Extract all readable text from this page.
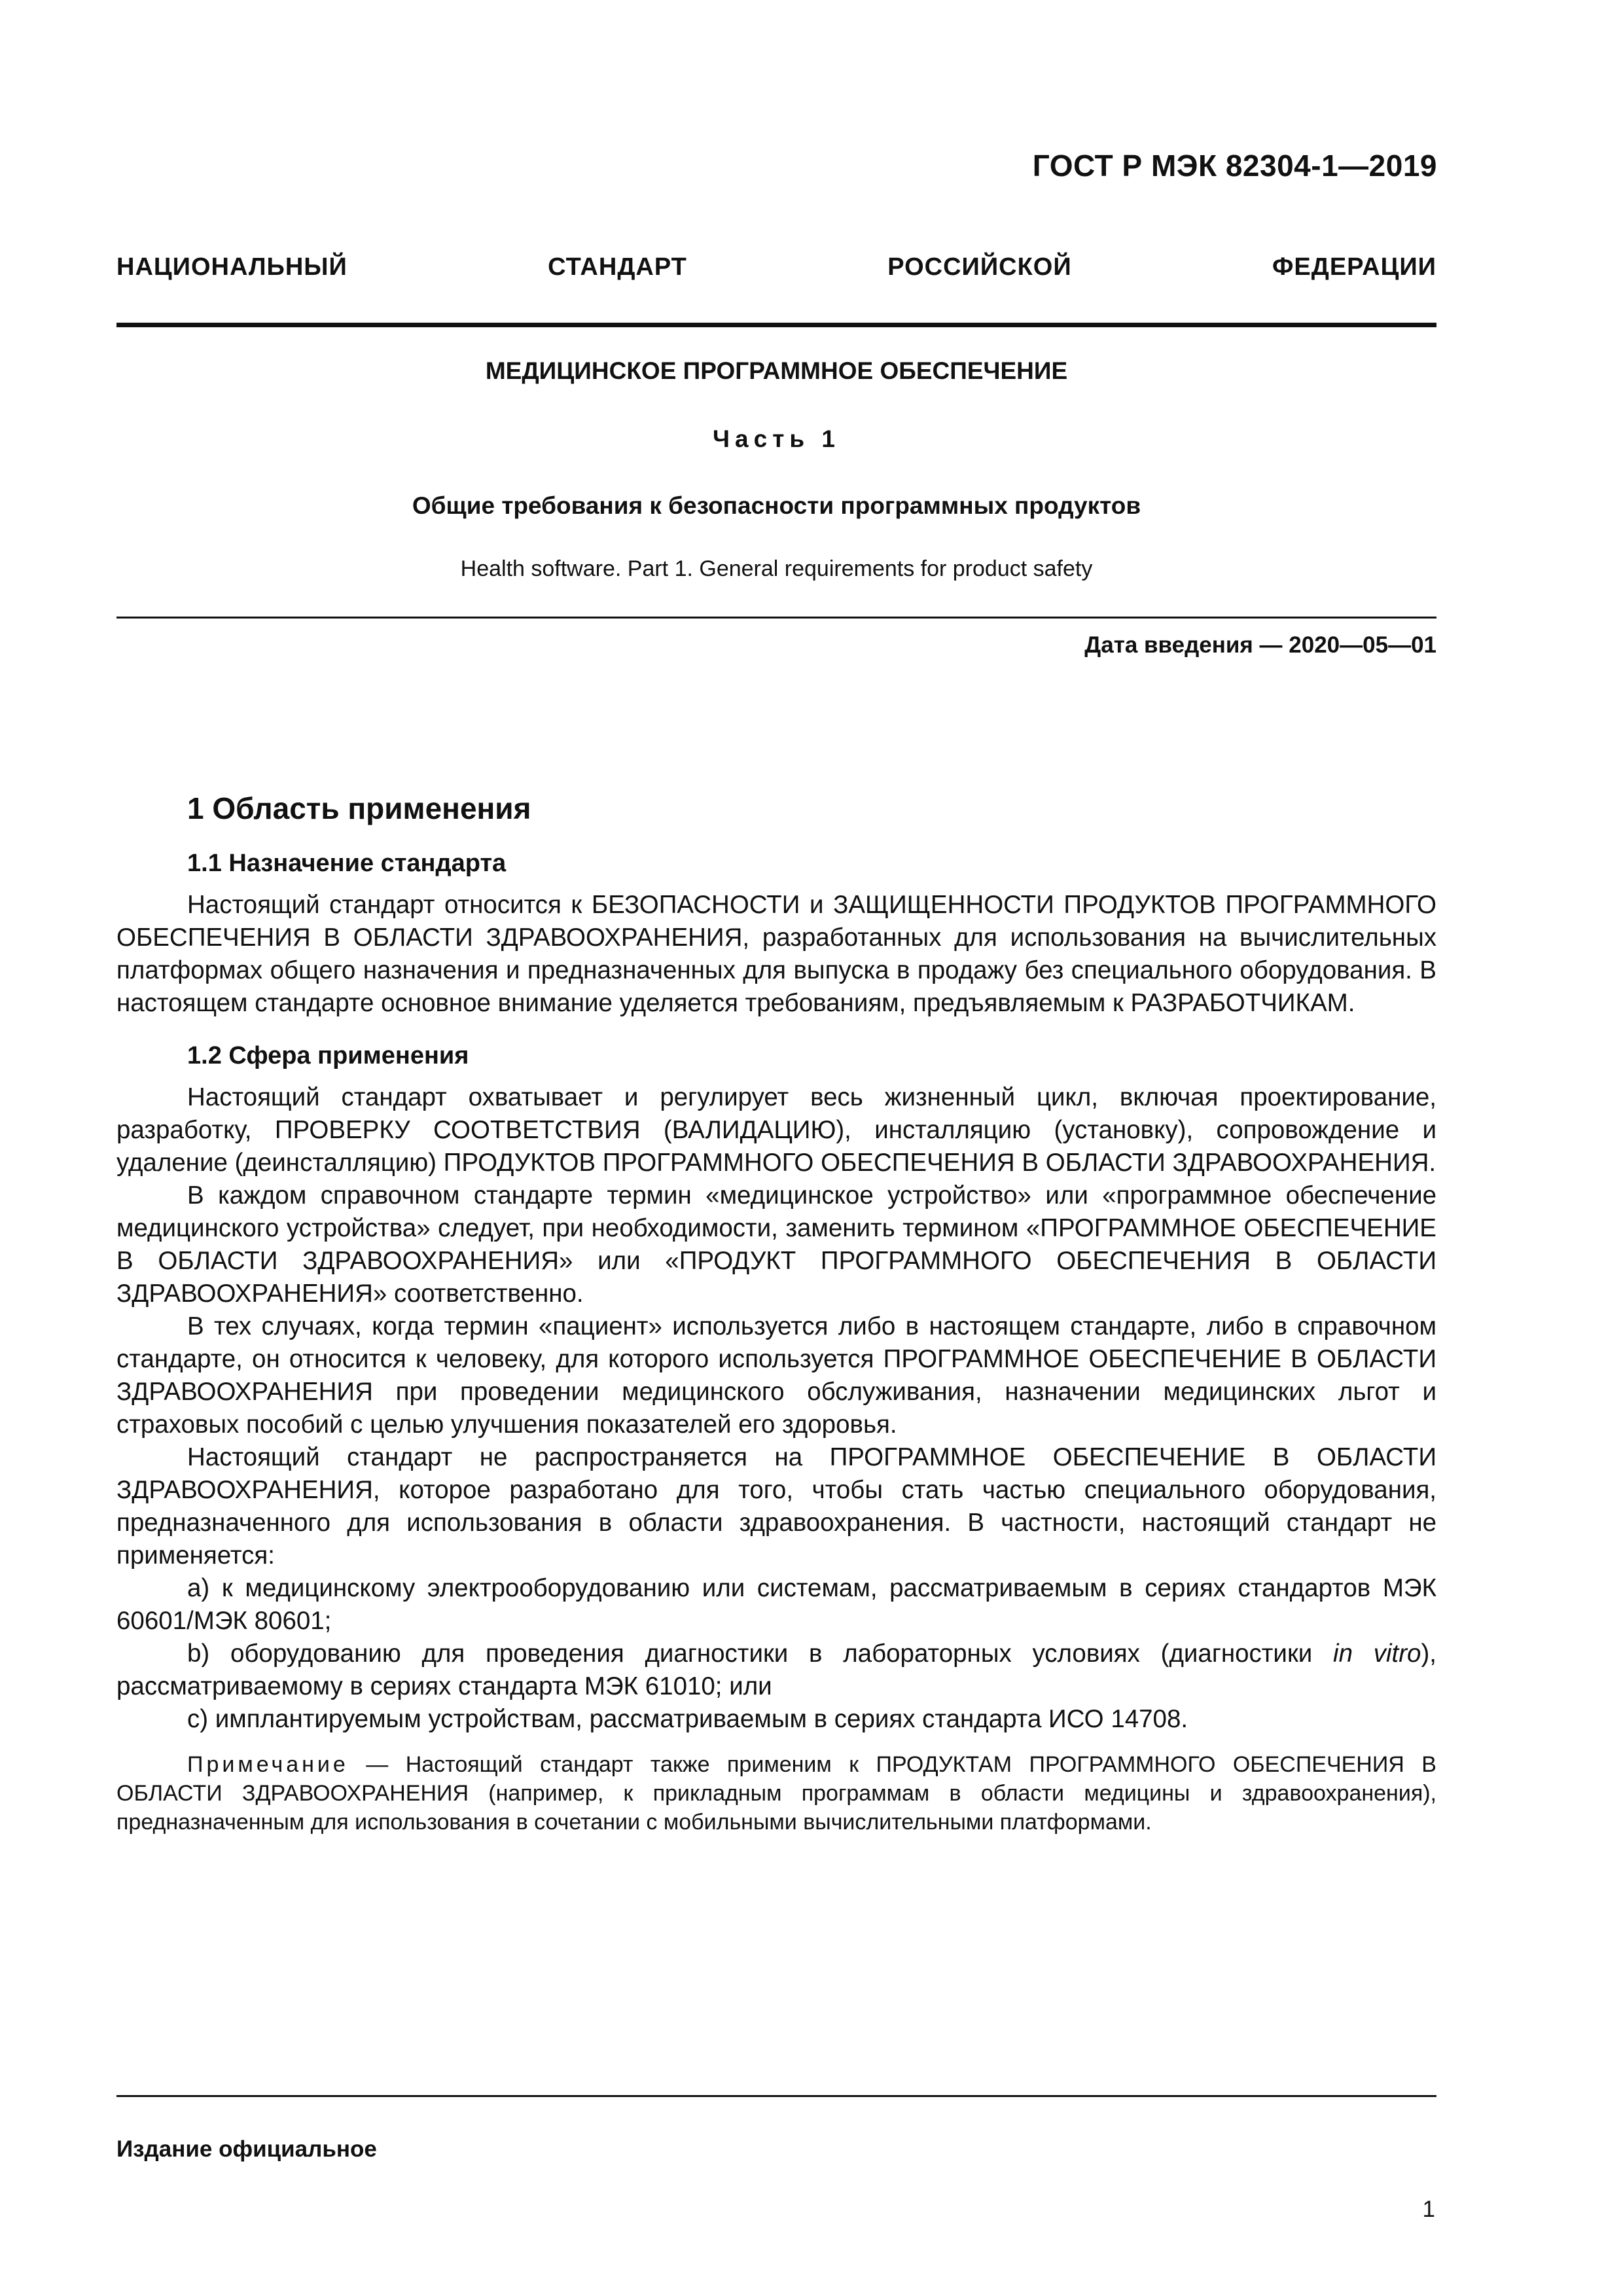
ГОСТ Р МЭК 82304-1—2019
НАЦИОНАЛЬНЫЙ СТАНДАРТ РОССИЙСКОЙ ФЕДЕРАЦИИ
МЕДИЦИНСКОЕ ПРОГРАММНОЕ ОБЕСПЕЧЕНИЕ
Часть 1
Общие требования к безопасности программных продуктов
Health software. Part 1. General requirements for product safety
Дата введения — 2020—05—01
1 Область применения
1.1 Назначение стандарта

Настоящий стандарт относится к БЕЗОПАСНОСТИ и ЗАЩИЩЕННОСТИ ПРОДУКТОВ ПРОГРАММНОГО ОБЕСПЕЧЕНИЯ В ОБЛАСТИ ЗДРАВООХРАНЕНИЯ, разработанных для использования на вычислительных платформах общего назначения и предназначенных для выпуска в продажу без специального оборудования. В настоящем стандарте основное внимание уделяется требованиям, предъявляемым к РАЗРАБОТЧИКАМ.

1.2 Сфера применения

Настоящий стандарт охватывает и регулирует весь жизненный цикл, включая проектирование, разработку, ПРОВЕРКУ СООТВЕТСТВИЯ (ВАЛИДАЦИЮ), инсталляцию (установку), сопровождение и удаление (деинсталляцию) ПРОДУКТОВ ПРОГРАММНОГО ОБЕСПЕЧЕНИЯ В ОБЛАСТИ ЗДРАВООХРАНЕНИЯ.

В каждом справочном стандарте термин «медицинское устройство» или «программное обеспечение медицинского устройства» следует, при необходимости, заменить термином «ПРОГРАММНОЕ ОБЕСПЕЧЕНИЕ В ОБЛАСТИ ЗДРАВООХРАНЕНИЯ» или «ПРОДУКТ ПРОГРАММНОГО ОБЕСПЕЧЕНИЯ В ОБЛАСТИ ЗДРАВООХРАНЕНИЯ» соответственно.

В тех случаях, когда термин «пациент» используется либо в настоящем стандарте, либо в справочном стандарте, он относится к человеку, для которого используется ПРОГРАММНОЕ ОБЕСПЕЧЕНИЕ В ОБЛАСТИ ЗДРАВООХРАНЕНИЯ при проведении медицинского обслуживания, назначении медицинских льгот и страховых пособий с целью улучшения показателей его здоровья.

Настоящий стандарт не распространяется на ПРОГРАММНОЕ ОБЕСПЕЧЕНИЕ В ОБЛАСТИ ЗДРАВООХРАНЕНИЯ, которое разработано для того, чтобы стать частью специального оборудования, предназначенного для использования в области здравоохранения. В частности, настоящий стандарт не применяется:

а) к медицинскому электрооборудованию или системам, рассматриваемым в сериях стандартов МЭК 60601/МЭК 80601;

b) оборудованию для проведения диагностики в лабораторных условиях (диагностики in vitro), рассматриваемому в сериях стандарта МЭК 61010; или

c) имплантируемым устройствам, рассматриваемым в сериях стандарта ИСО 14708.

Примечание — Настоящий стандарт также применим к ПРОДУКТАМ ПРОГРАММНОГО ОБЕСПЕЧЕНИЯ В ОБЛАСТИ ЗДРАВООХРАНЕНИЯ (например, к прикладным программам в области медицины и здравоохранения), предназначенным для использования в сочетании с мобильными вычислительными платформами.

Издание официальное
1
